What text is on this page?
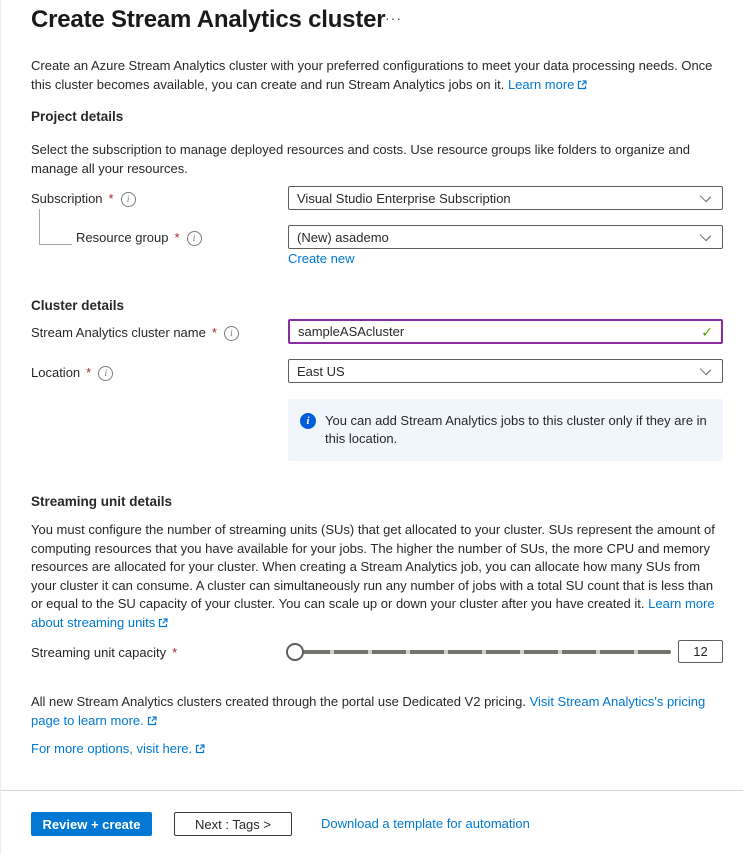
Create Stream Analytics cluster ···

Create an Azure Stream Analytics cluster with your preferred configurations to meet your data processing needs. Once this cluster becomes available, you can create and run Stream Analytics jobs on it. Learn more

Project details

Select the subscription to manage deployed resources and costs. Use resource groups like folders to organize and manage all your resources.

Subscription *	i	Visual Studio Enterprise Subscription
Resource group *	i	(New) asademo
Create new
Cluster details
Stream Analytics cluster name *	i
sampleASAcluster	✓
Location *	i	East US
i	You can add Stream Analytics jobs to this cluster only if they are in this location.
Streaming unit details

You must configure the number of streaming units (SUs) that get allocated to your cluster. SUs represent the amount of computing resources that you have available for your jobs. The higher the number of SUs, the more CPU and memory resources are allocated for your cluster. When creating a Stream Analytics job, you can allocate how many SUs from your cluster it can consume. A cluster can simultaneously run any number of jobs with a total SU count that is less than or equal to the SU capacity of your cluster. You can scale up or down your cluster after you have created it. Learn more about streaming units

Streaming unit capacity *
12

All new Stream Analytics clusters created through the portal use Dedicated V2 pricing. Visit Stream Analytics's pricing page to learn more.

For more options, visit here.

Review + create	Next : Tags >	Download a template for automation
